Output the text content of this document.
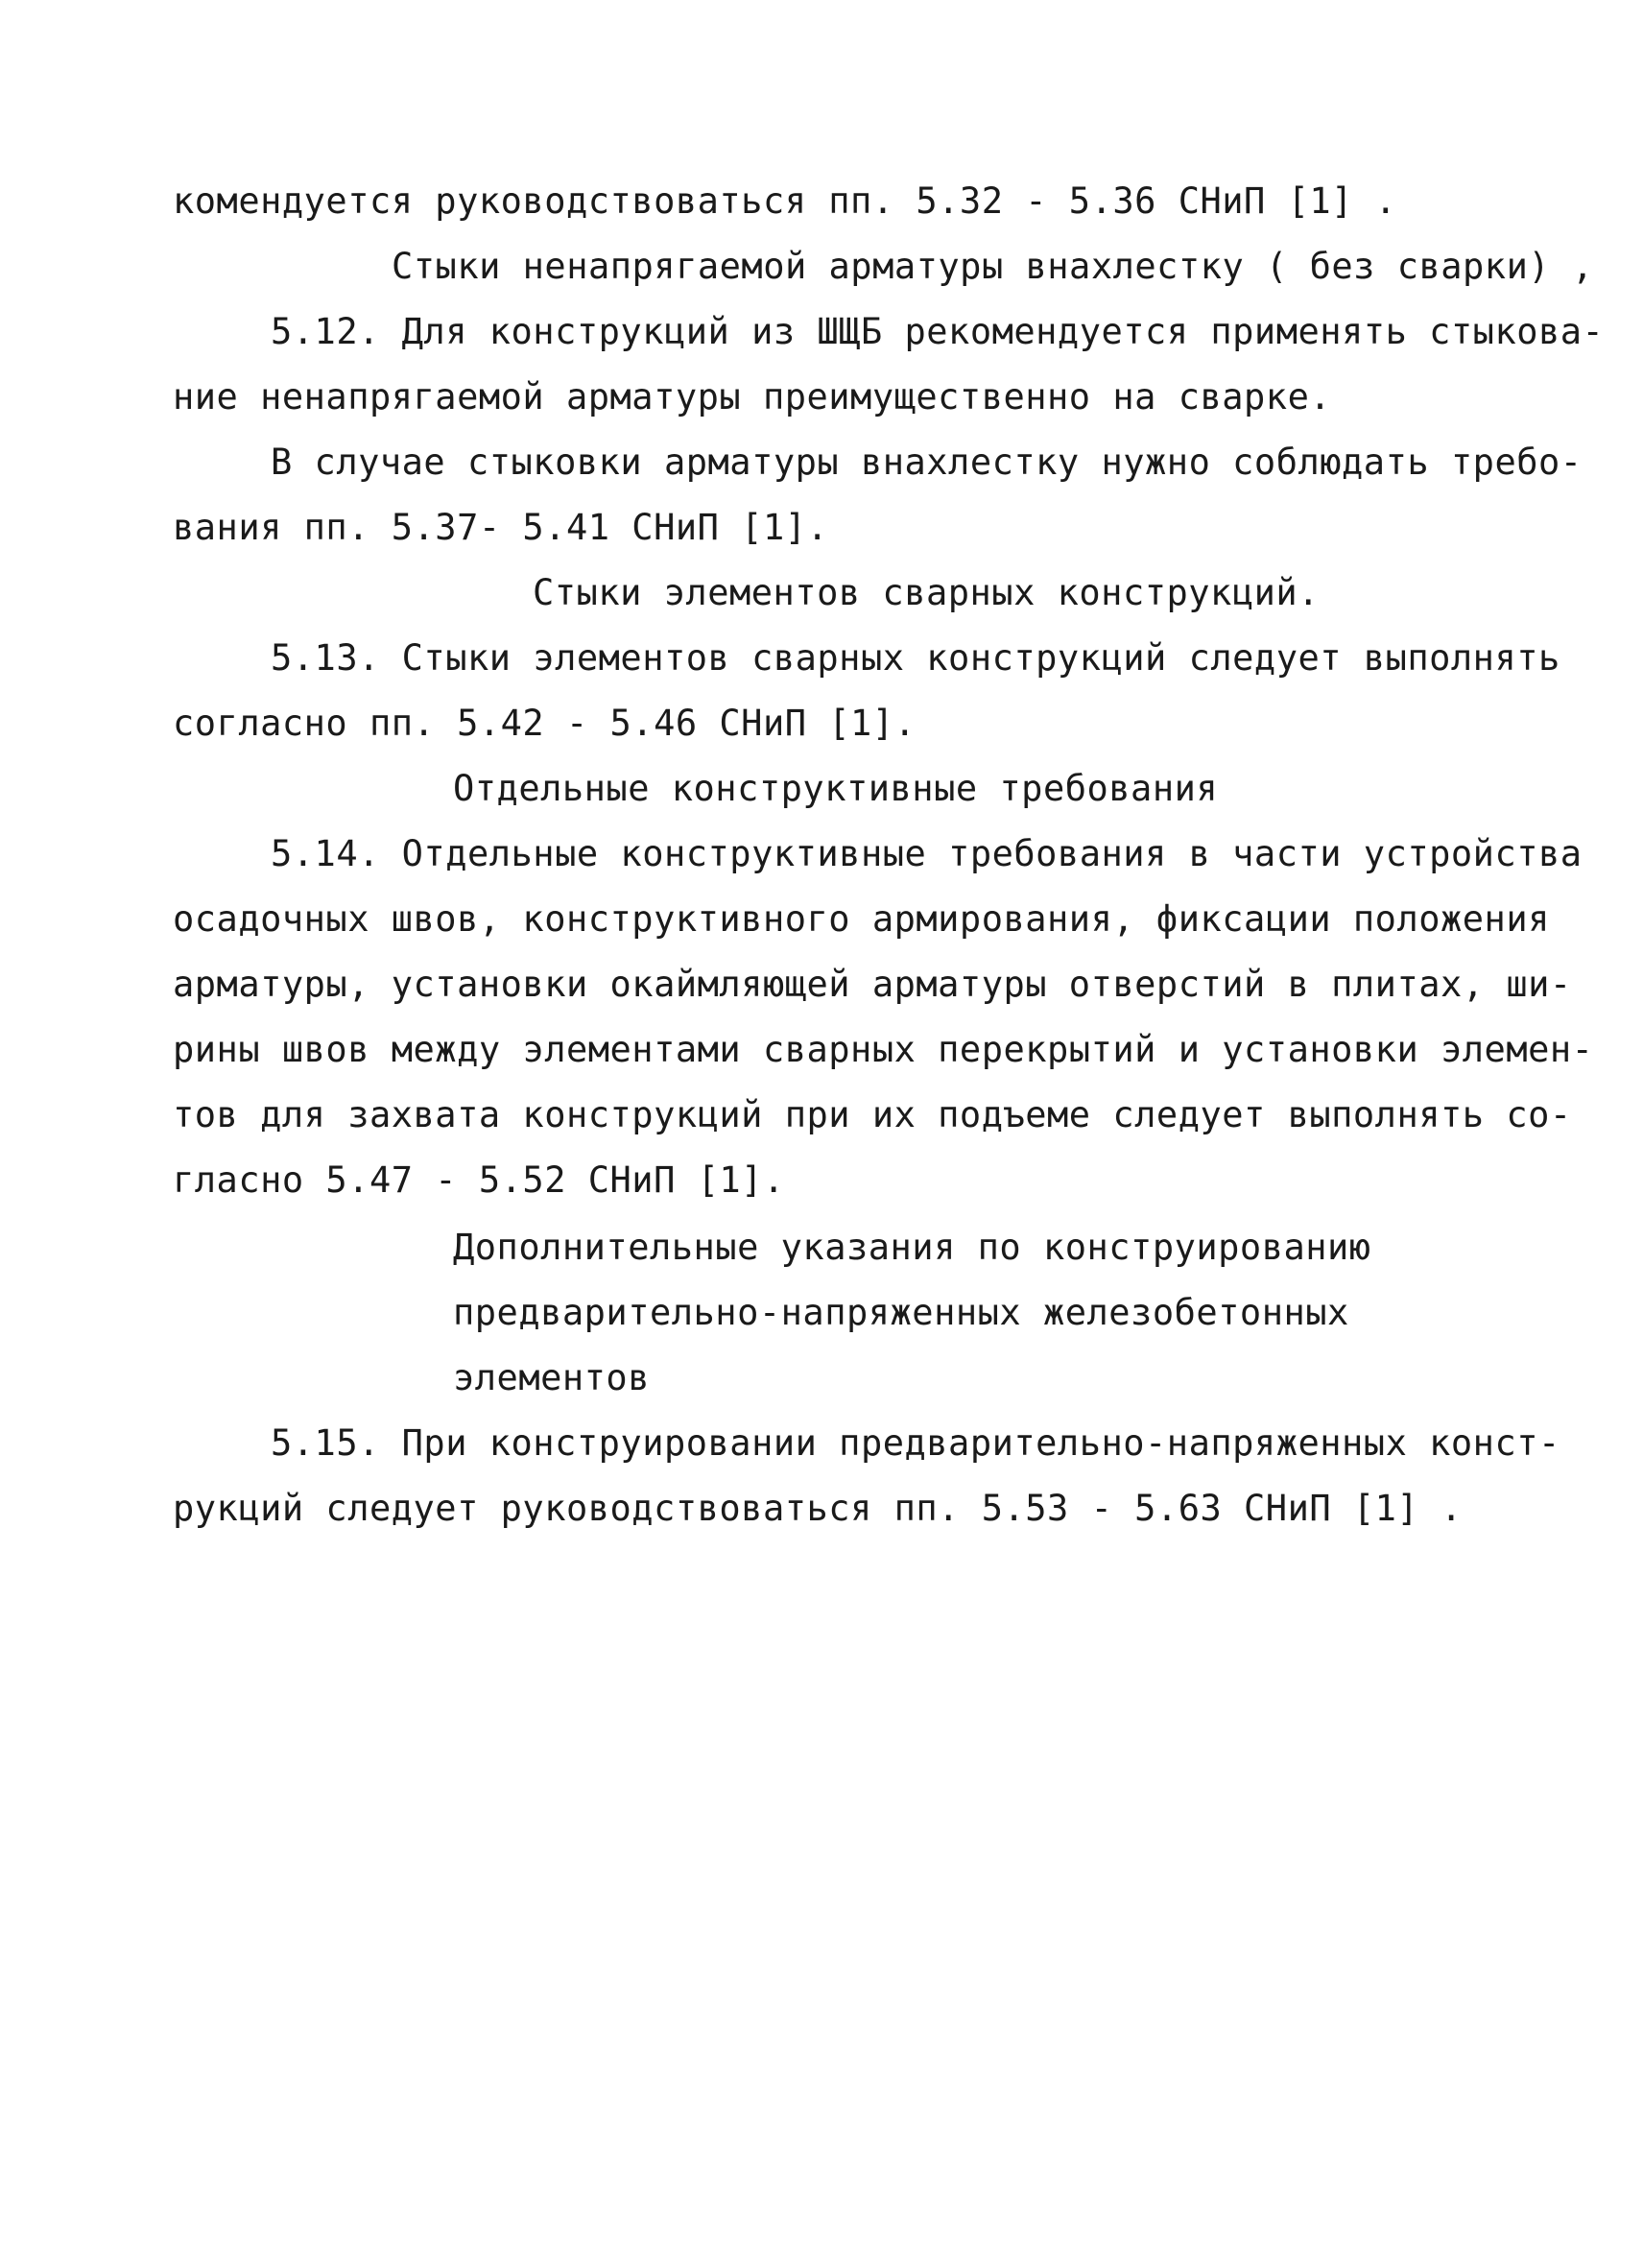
комендуется руководствоваться пп. 5.32 - 5.36 СНиП [1] .
Стыки ненапрягаемой арматуры внахлестку ( без сварки) ,
5.12. Для конструкций из ШЩБ рекомендуется применять стыкова-
ние ненапрягаемой арматуры преимущественно на сварке.
В случае стыковки арматуры внахлестку нужно соблюдать требо-
вания пп. 5.37- 5.41 СНиП [1].
Стыки элементов сварных конструкций.
5.13. Стыки элементов сварных конструкций следует выполнять
согласно пп. 5.42 - 5.46 СНиП [1].
Отдельные конструктивные требования
5.14. Отдельные конструктивные требования в части устройства
осадочных швов, конструктивного армирования, фиксации положения
арматуры, установки окаймляющей арматуры отверстий в плитах, ши-
рины швов между элементами сварных перекрытий и установки элемен-
тов для захвата конструкций при их подъеме следует выполнять со-
гласно 5.47 - 5.52 СНиП [1].
Дополнительные указания по конструированию
предварительно-напряженных железобетонных
элементов
5.15. При конструировании предварительно-напряженных конст-
рукций следует руководствоваться пп. 5.53 - 5.63 СНиП [1] .
